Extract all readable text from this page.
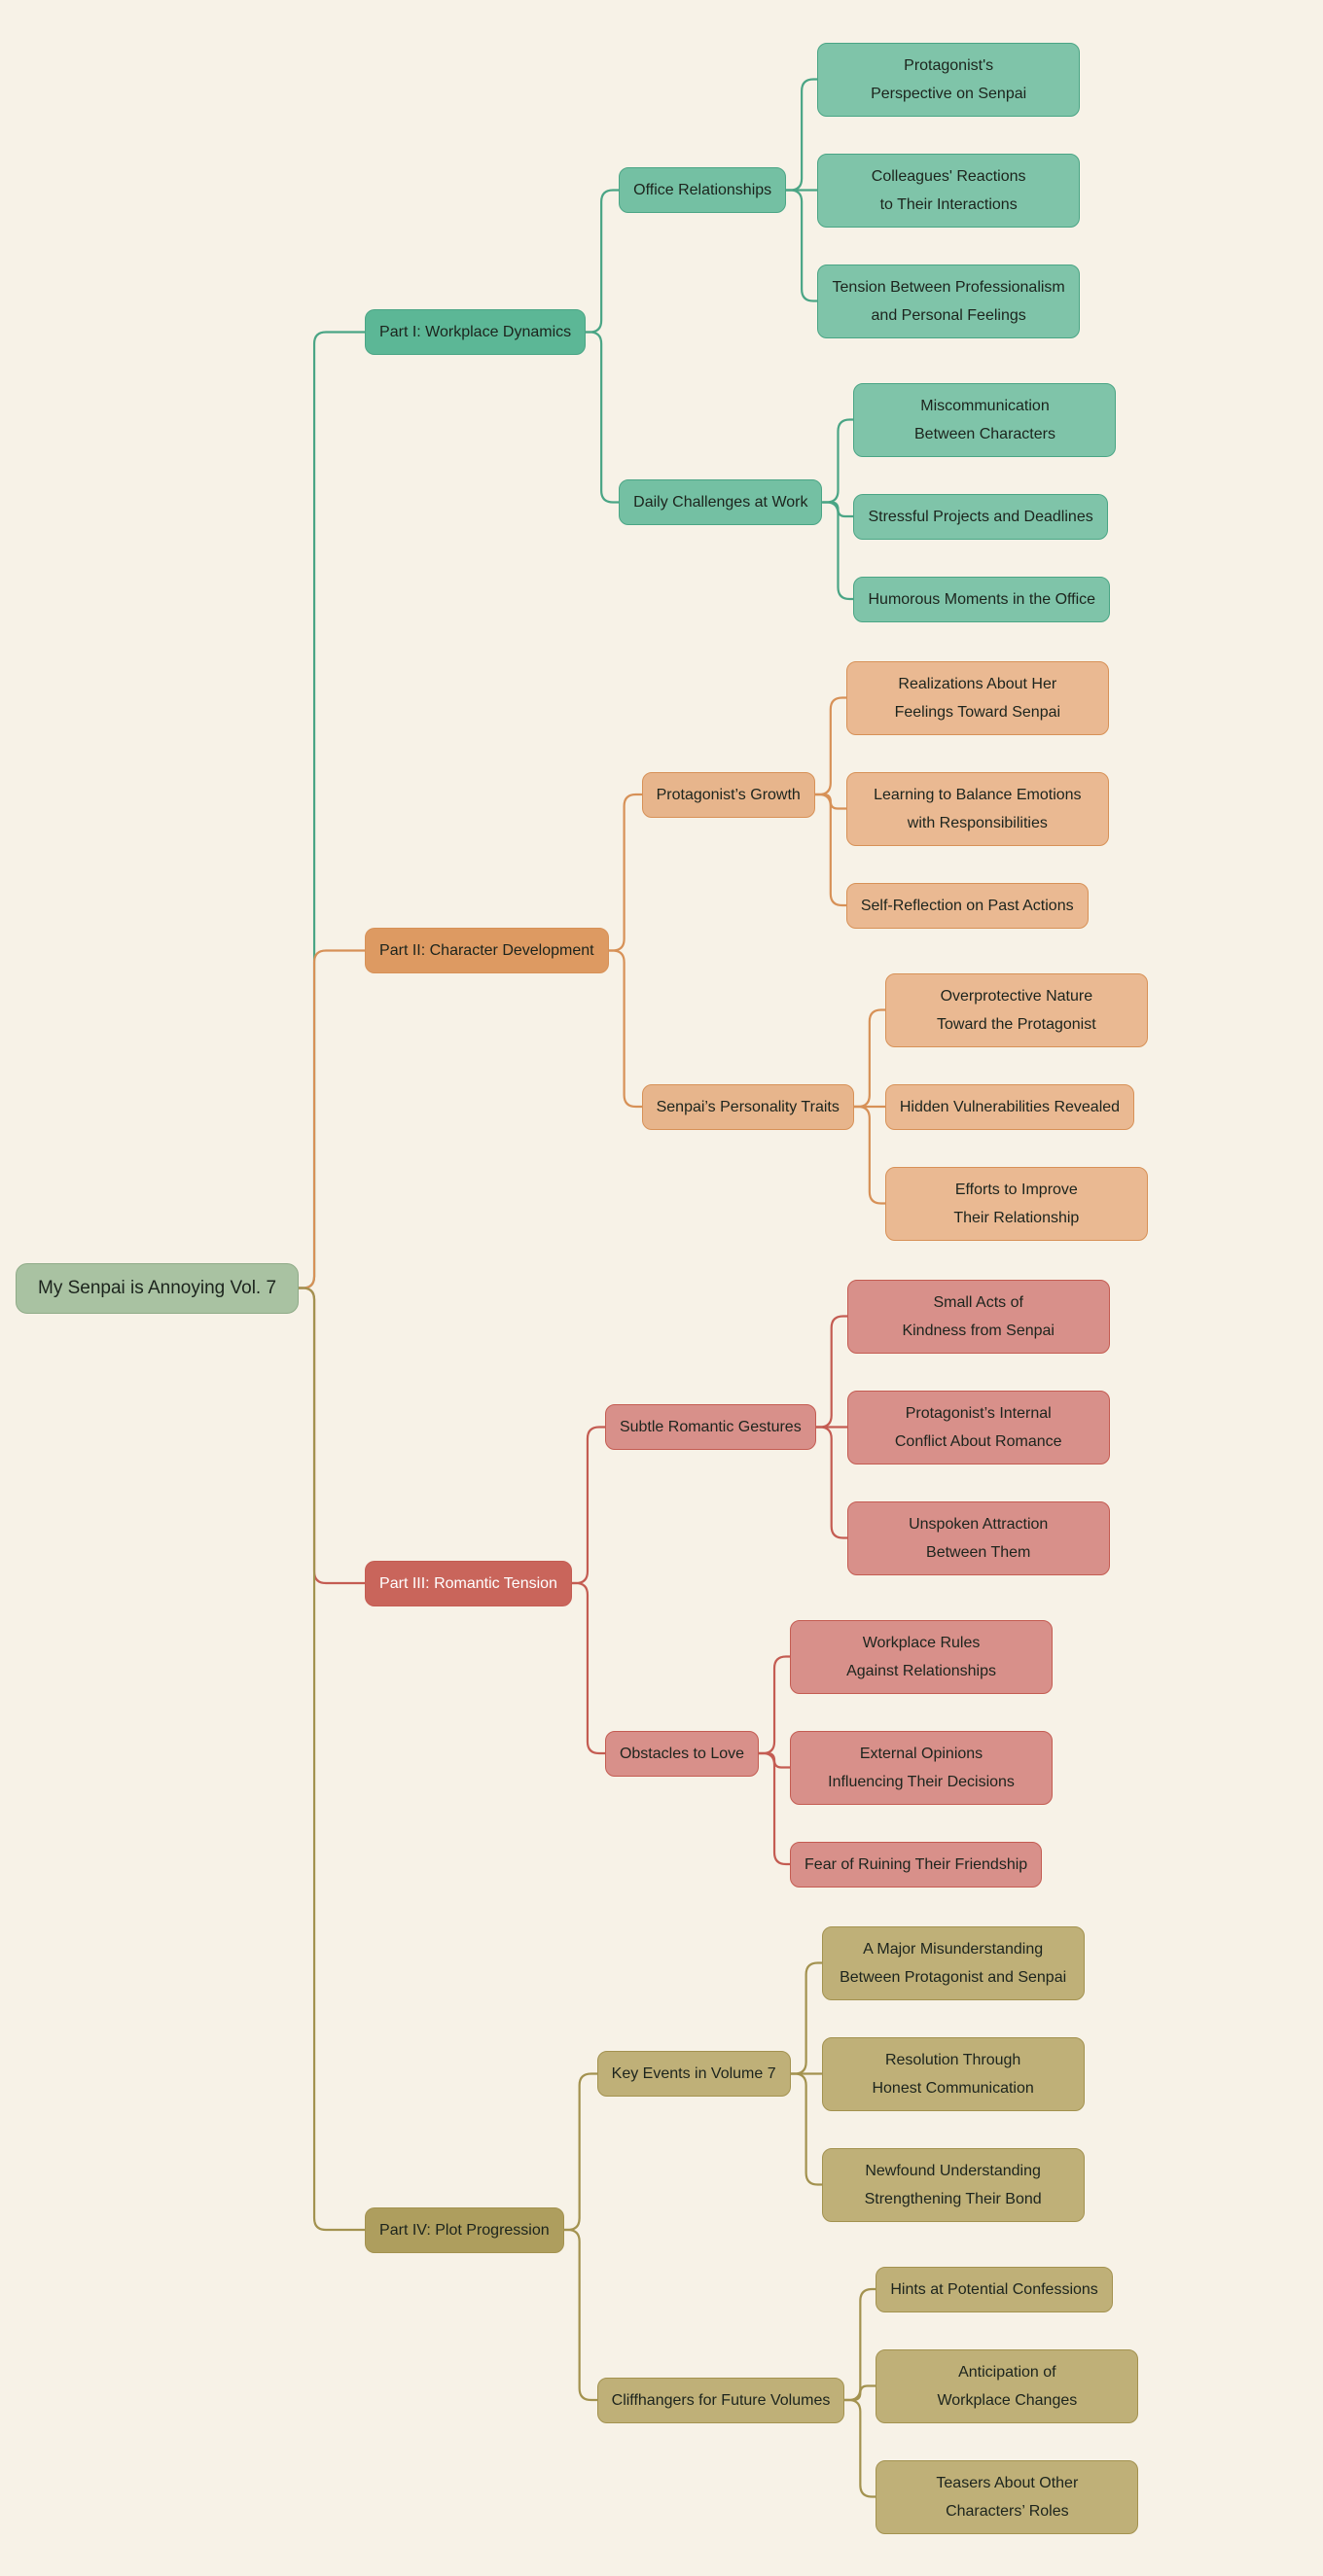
My Senpai is Annoying Vol. 7
Part I: Workplace Dynamics
Office Relationships
Protagonist's Perspective on Senpai
Colleagues' Reactions to Their Interactions
Tension Between Professionalism and Personal Feelings
Daily Challenges at Work
Miscommunication Between Characters
Stressful Projects and Deadlines
Humorous Moments in the Office
Part II: Character Development
Protagonist’s Growth
Realizations About Her Feelings Toward Senpai
Learning to Balance Emotions with Responsibilities
Self-Reflection on Past Actions
Senpai’s Personality Traits
Overprotective Nature Toward the Protagonist
Hidden Vulnerabilities Revealed
Efforts to Improve Their Relationship
Part III: Romantic Tension
Subtle Romantic Gestures
Small Acts of Kindness from Senpai
Protagonist’s Internal Conflict About Romance
Unspoken Attraction Between Them
Obstacles to Love
Workplace Rules Against Relationships
External Opinions Influencing Their Decisions
Fear of Ruining Their Friendship
Part IV: Plot Progression
Key Events in Volume 7
A Major Misunderstanding Between Protagonist and Senpai
Resolution Through Honest Communication
Newfound Understanding Strengthening Their Bond
Cliffhangers for Future Volumes
Hints at Potential Confessions
Anticipation of Workplace Changes
Teasers About Other Characters’ Roles
